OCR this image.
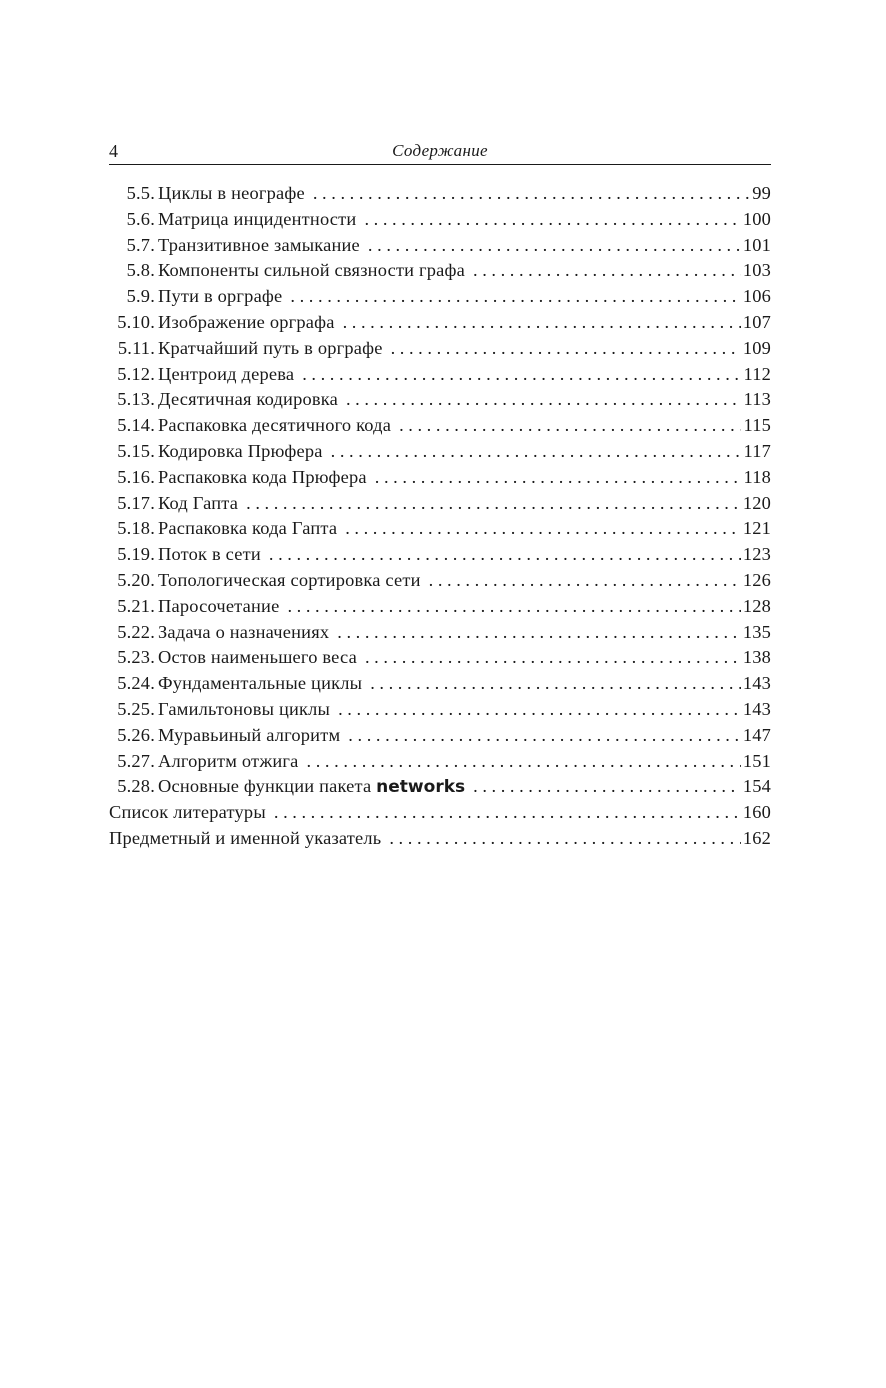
4	Содержание
5.5. Циклы в неографе . . .	99
5.6. Матрица инцидентности . . .	100
5.7. Транзитивное замыкание . . .	101
5.8. Компоненты сильной связности графа . . .	103
5.9. Пути в орграфе . . .	106
5.10. Изображение орграфа . . .	107
5.11. Кратчайший путь в орграфе . . .	109
5.12. Центроид дерева . . .	112
5.13. Десятичная кодировка . . .	113
5.14. Распаковка десятичного кода . . .	115
5.15. Кодировка Прюфера . . .	117
5.16. Распаковка кода Прюфера . . .	118
5.17. Код Гапта . . .	120
5.18. Распаковка кода Гапта . . .	121
5.19. Поток в сети . . .	123
5.20. Топологическая сортировка сети . . .	126
5.21. Паросочетание . . .	128
5.22. Задача о назначениях . . .	135
5.23. Остов наименьшего веса . . .	138
5.24. Фундаментальные циклы . . .	143
5.25. Гамильтоновы циклы . . .	143
5.26. Муравьиный алгоритм . . .	147
5.27. Алгоритм отжига . . .	151
5.28. Основные функции пакета networks . . .	154
Список литературы . . .	160
Предметный и именной указатель . . .	162
